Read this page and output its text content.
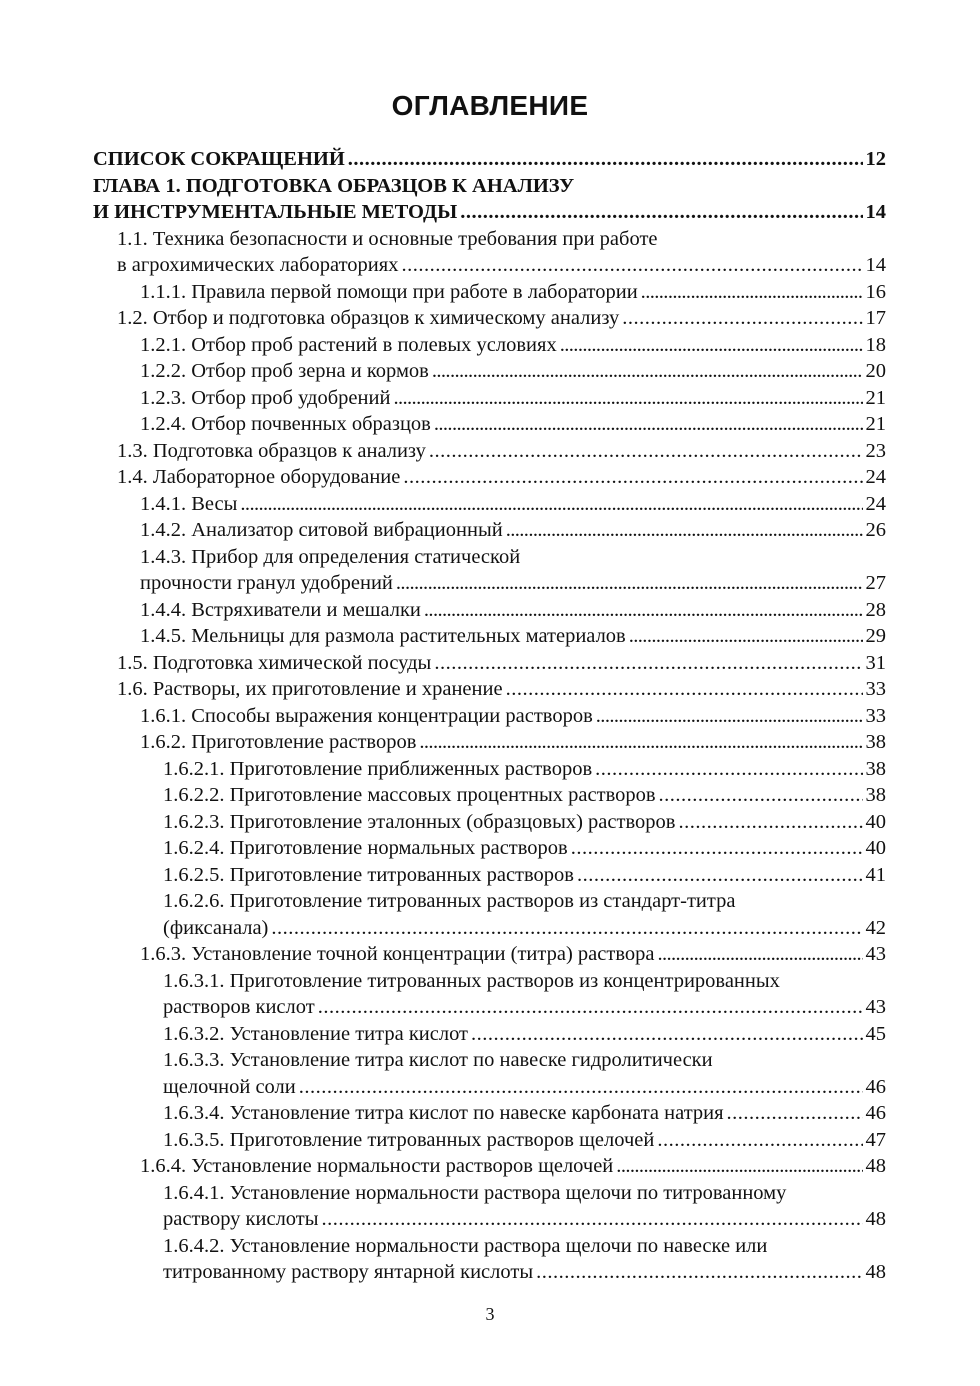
ОГЛАВЛЕНИЕ
СПИСОК СОКРАЩЕНИЙ .....	12
ГЛАВА 1. ПОДГОТОВКА ОБРАЗЦОВ К АНАЛИЗУ
И ИНСТРУМЕНТАЛЬНЫЕ МЕТОДЫ .....	14
1.1. Техника безопасности и основные требования при работе
в агрохимических лабораториях .....	14
1.1.1. Правила первой помощи при работе в лаборатории .....	16
1.2. Отбор и подготовка образцов к химическому анализу .....	17
1.2.1. Отбор проб растений в полевых условиях .....	18
1.2.2. Отбор проб зерна и кормов .....	20
1.2.3. Отбор проб удобрений .....	21
1.2.4. Отбор почвенных образцов .....	21
1.3. Подготовка образцов к анализу .....	23
1.4. Лабораторное оборудование .....	24
1.4.1. Весы .....	24
1.4.2. Анализатор ситовой вибрационный .....	26
1.4.3. Прибор для определения статической
прочности гранул удобрений .....	27
1.4.4. Встряхиватели и мешалки .....	28
1.4.5. Мельницы для размола растительных материалов .....	29
1.5. Подготовка химической посуды .....	31
1.6. Растворы, их приготовление и хранение .....	33
1.6.1. Способы выражения концентрации растворов .....	33
1.6.2. Приготовление растворов .....	38
1.6.2.1. Приготовление приближенных растворов .....	38
1.6.2.2. Приготовление массовых процентных растворов .....	38
1.6.2.3. Приготовление эталонных (образцовых) растворов .....	40
1.6.2.4. Приготовление нормальных растворов .....	40
1.6.2.5. Приготовление титрованных растворов .....	41
1.6.2.6. Приготовление титрованных растворов из стандарт-титра
(фиксанала) .....	42
1.6.3. Установление точной концентрации (титра) раствора .....	43
1.6.3.1. Приготовление титрованных растворов из концентрированных
растворов кислот .....	43
1.6.3.2. Установление титра кислот .....	45
1.6.3.3. Установление титра кислот по навеске гидролитически
щелочной соли .....	46
1.6.3.4. Установление титра кислот по навеске карбоната натрия .....	46
1.6.3.5. Приготовление титрованных растворов щелочей .....	47
1.6.4. Установление нормальности растворов щелочей .....	48
1.6.4.1. Установление нормальности раствора щелочи по титрованному
раствору кислоты .....	48
1.6.4.2. Установление нормальности раствора щелочи по навеске или
титрованному раствору янтарной кислоты .....	48
3
